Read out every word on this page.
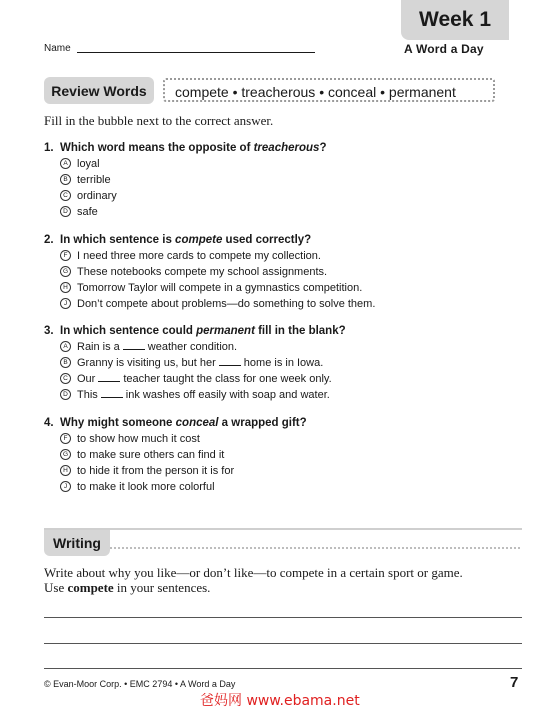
Week 1
A Word a Day
Name
Review Words	compete • treacherous • conceal • permanent
Fill in the bubble next to the correct answer.
1. Which word means the opposite of treacherous?
A loyal
B terrible
C ordinary
D safe
2. In which sentence is compete used correctly?
F I need three more cards to compete my collection.
G These notebooks compete my school assignments.
H Tomorrow Taylor will compete in a gymnastics competition.
J Don’t compete about problems—do something to solve them.
3. In which sentence could permanent fill in the blank?
A Rain is a	weather condition.
B Granny is visiting us, but her	home is in Iowa.
C Our	teacher taught the class for one week only.
D This	ink washes off easily with soap and water.
4. Why might someone conceal a wrapped gift?
F to show how much it cost
G to make sure others can find it
H to hide it from the person it is for
J to make it look more colorful
Writing
Write about why you like—or don’t like—to compete in a certain sport or game.
Use compete in your sentences.
© Evan-Moor Corp. • EMC 2794 • A Word a Day	7
爸妈网 www.ebama.net
